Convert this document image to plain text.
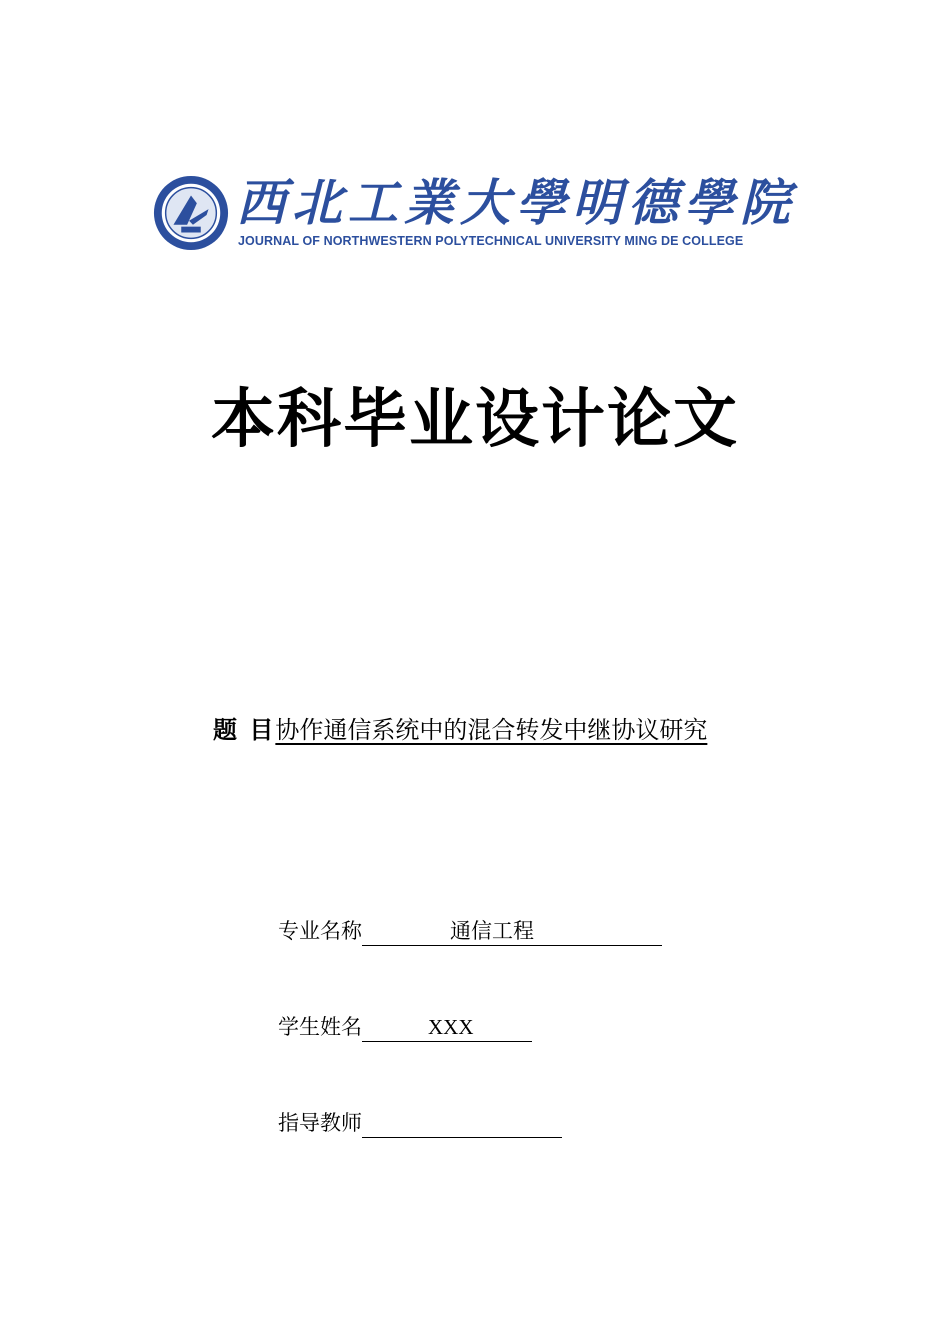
西北工業大學明德學院
JOURNAL OF NORTHWESTERN POLYTECHNICAL UNIVERSITY MING DE COLLEGE
本科毕业设计论文
题 目协作通信系统中的混合转发中继协议研究
专业名称	通信工程
学生姓名	XXX
指导教师
